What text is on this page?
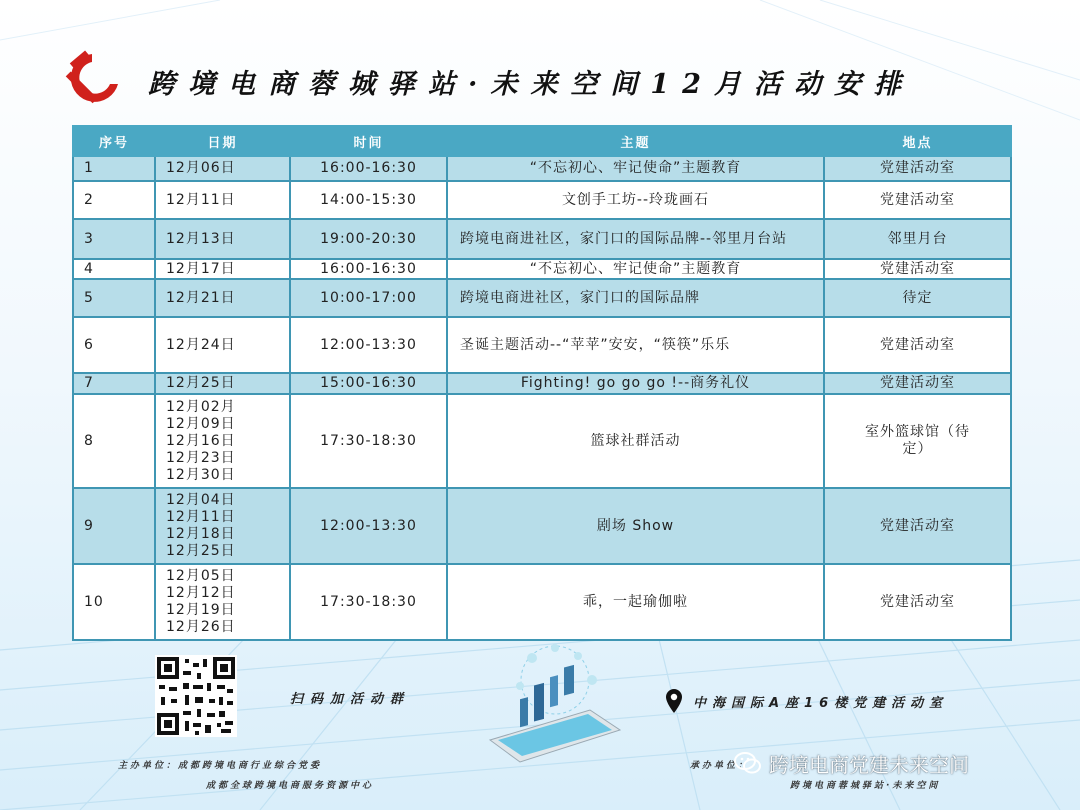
跨境电商蓉城驿站·未来空间12月活动安排
序号	日期	时间	主题	地点
1	12月06日	16:00-16:30	“不忘初心、牢记使命”主题教育	党建活动室
2	12月11日	14:00-15:30	文创手工坊--玲珑画石	党建活动室
3	12月13日	19:00-20:30	跨境电商进社区，家门口的国际品牌--邻里月台站	邻里月台
4	12月17日	16:00-16:30	“不忘初心、牢记使命”主题教育	党建活动室
5	12月21日	10:00-17:00	跨境电商进社区，家门口的国际品牌	待定
6	12月24日	12:00-13:30	圣诞主题活动--“苹苹”安安，“筷筷”乐乐	党建活动室
7	12月25日	15:00-16:30	Fighting! go go go !--商务礼仪	党建活动室
8	12月02月
12月09日
12月16日
12月23日
12月30日	17:30-18:30	篮球社群活动	室外篮球馆（待定）
9	12月04日
12月11日
12月18日
12月25日	12:00-13:30	剧场 Show	党建活动室
10	12月05日
12月12日
12月19日
12月26日	17:30-18:30	乖，一起瑜伽啦	党建活动室
扫码加活动群	中海国际A座16楼党建活动室
主办单位：成都跨境电商行业综合党委
成都全球跨境电商服务资源中心
承办单位：
跨境电商蓉城驿站·未来空间
跨境电商党建未来空间
